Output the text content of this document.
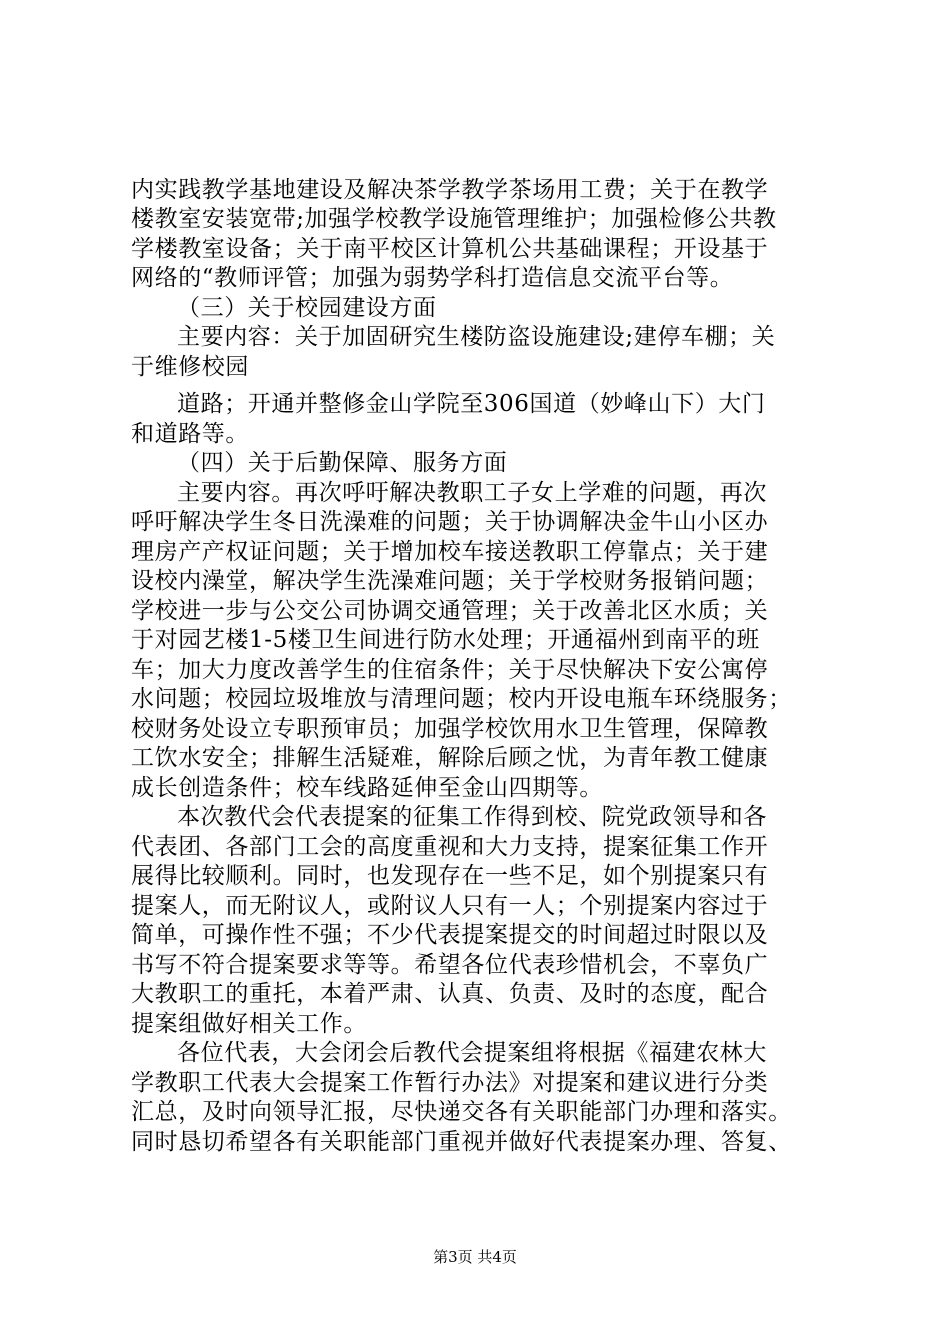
内实践教学基地建设及解决茶学教学茶场用工费；关于在教学
楼教室安装宽带;加强学校教学设施管理维护；加强检修公共教
学楼教室设备；关于南平校区计算机公共基础课程；开设基于
网络的“教师评管；加强为弱势学科打造信息交流平台等。
（三）关于校园建设方面
主要内容：关于加固研究生楼防盗设施建设;建停车棚；关
于维修校园
道路；开通并整修金山学院至306国道（妙峰山下）大门
和道路等。
（四）关于后勤保障、服务方面
主要内容。再次呼吁解决教职工子女上学难的问题，再次
呼吁解决学生冬日洗澡难的问题；关于协调解决金牛山小区办
理房产产权证问题；关于增加校车接送教职工停靠点；关于建
设校内澡堂，解决学生洗澡难问题；关于学校财务报销问题；
学校进一步与公交公司协调交通管理；关于改善北区水质；关
于对园艺楼1-5楼卫生间进行防水处理；开通福州到南平的班
车；加大力度改善学生的住宿条件；关于尽快解决下安公寓停
水问题；校园垃圾堆放与清理问题；校内开设电瓶车环绕服务；
校财务处设立专职预审员；加强学校饮用水卫生管理，保障教
工饮水安全；排解生活疑难，解除后顾之忧，为青年教工健康
成长创造条件；校车线路延伸至金山四期等。
本次教代会代表提案的征集工作得到校、院党政领导和各
代表团、各部门工会的高度重视和大力支持，提案征集工作开
展得比较顺利。同时，也发现存在一些不足，如个别提案只有
提案人，而无附议人，或附议人只有一人；个别提案内容过于
简单，可操作性不强；不少代表提案提交的时间超过时限以及
书写不符合提案要求等等。希望各位代表珍惜机会，不辜负广
大教职工的重托，本着严肃、认真、负责、及时的态度，配合
提案组做好相关工作。
各位代表，大会闭会后教代会提案组将根据《福建农林大
学教职工代表大会提案工作暂行办法》对提案和建议进行分类
汇总，及时向领导汇报，尽快递交各有关职能部门办理和落实。
同时恳切希望各有关职能部门重视并做好代表提案办理、答复、
第3页 共4页
